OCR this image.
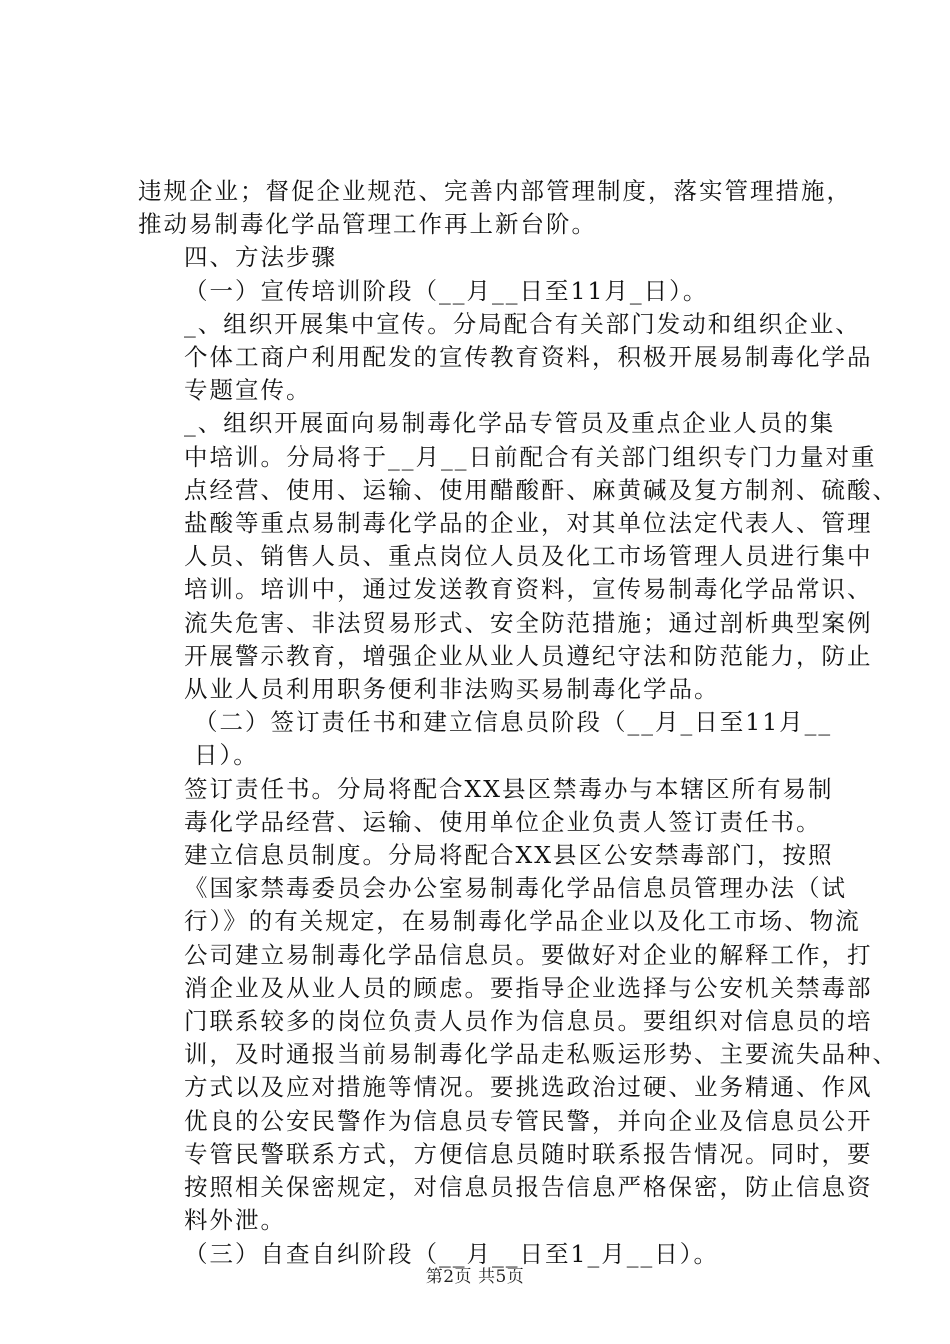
违规企业；督促企业规范、完善内部管理制度，落实管理措施，
推动易制毒化学品管理工作再上新台阶。

四、方法步骤

（一）宣传培训阶段（__月__日至11月_日）。

_、组织开展集中宣传。分局配合有关部门发动和组织企业、
个体工商户利用配发的宣传教育资料，积极开展易制毒化学品
专题宣传。

_、组织开展面向易制毒化学品专管员及重点企业人员的集
中培训。分局将于__月__日前配合有关部门组织专门力量对重
点经营、使用、运输、使用醋酸酐、麻黄碱及复方制剂、硫酸、
盐酸等重点易制毒化学品的企业，对其单位法定代表人、管理
人员、销售人员、重点岗位人员及化工市场管理人员进行集中
培训。培训中，通过发送教育资料，宣传易制毒化学品常识、
流失危害、非法贸易形式、安全防范措施；通过剖析典型案例
开展警示教育，增强企业从业人员遵纪守法和防范能力，防止
从业人员利用职务便利非法购买易制毒化学品。

（二）签订责任书和建立信息员阶段（__月_日至11月__
日）。

签订责任书。分局将配合XX县区禁毒办与本辖区所有易制
毒化学品经营、运输、使用单位企业负责人签订责任书。

建立信息员制度。分局将配合XX县区公安禁毒部门，按照
《国家禁毒委员会办公室易制毒化学品信息员管理办法（试
行）》的有关规定，在易制毒化学品企业以及化工市场、物流
公司建立易制毒化学品信息员。要做好对企业的解释工作，打
消企业及从业人员的顾虑。要指导企业选择与公安机关禁毒部
门联系较多的岗位负责人员作为信息员。要组织对信息员的培
训，及时通报当前易制毒化学品走私贩运形势、主要流失品种、
方式以及应对措施等情况。要挑选政治过硬、业务精通、作风
优良的公安民警作为信息员专管民警，并向企业及信息员公开
专管民警联系方式，方便信息员随时联系报告情况。同时，要
按照相关保密规定，对信息员报告信息严格保密，防止信息资
料外泄。

（三）自查自纠阶段（__月__日至1_月__日）。

第2页 共5页
